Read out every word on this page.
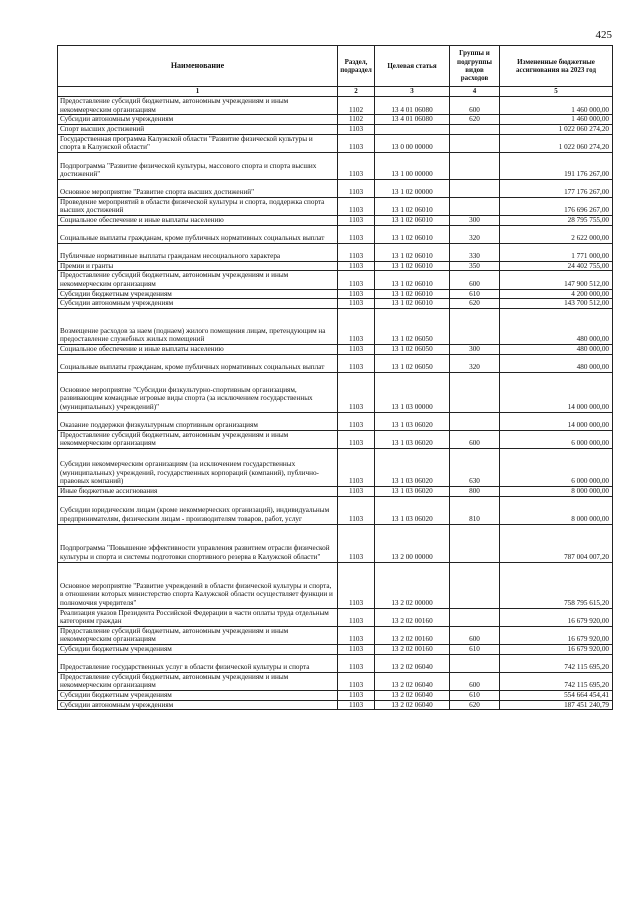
425
Наименование	Раздел, подраздел	Целевая статья	Группы и подгруппы видов расходов	Измененные бюджетные ассигнования на 2023 год
1	2	3	4	5
Предоставление субсидий бюджетным, автономным учреждениям и иным некоммерческим организациям	1102	13 4 01 06080	600	1 460 000,00
Субсидии автономным учреждениям	1102	13 4 01 06080	620	1 460 000,00
Спорт высших достижений	1103			1 022 060 274,20
Государственная программа Калужской области "Развитие физической культуры и спорта в Калужской области"	1103	13 0 00 00000		1 022 060 274,20
Подпрограмма "Развитие физической культуры, массового спорта и спорта высших достижений"	1103	13 1 00 00000		191 176 267,00
Основное мероприятие "Развитие спорта высших достижений"	1103	13 1 02 00000		177 176 267,00
Проведение мероприятий в области физической культуры и спорта, поддержка спорта высших достижений	1103	13 1 02 06010		176 696 267,00
Социальное обеспечение и иные выплаты населению	1103	13 1 02 06010	300	28 795 755,00
Социальные выплаты гражданам, кроме публичных нормативных социальных выплат	1103	13 1 02 06010	320	2 622 000,00
Публичные нормативные выплаты гражданам несоциального характера	1103	13 1 02 06010	330	1 771 000,00
Премии и гранты	1103	13 1 02 06010	350	24 402 755,00
Предоставление субсидий бюджетным, автономным учреждениям и иным некоммерческим организациям	1103	13 1 02 06010	600	147 900 512,00
Субсидии бюджетным учреждениям	1103	13 1 02 06010	610	4 200 000,00
Субсидии автономным учреждениям	1103	13 1 02 06010	620	143 700 512,00
Возмещение расходов за наем (поднаем) жилого помещения лицам, претендующим на предоставление служебных жилых помещений	1103	13 1 02 06050		480 000,00
Социальное обеспечение и иные выплаты населению	1103	13 1 02 06050	300	480 000,00
Социальные выплаты гражданам, кроме публичных нормативных социальных выплат	1103	13 1 02 06050	320	480 000,00
Основное мероприятие "Субсидии физкультурно-спортивным организациям, развивающим командные игровые виды спорта (за исключением государственных (муниципальных) учреждений)"	1103	13 1 03 00000		14 000 000,00
Оказание поддержки физкультурным спортивным организациям	1103	13 1 03 06020		14 000 000,00
Предоставление субсидий бюджетным, автономным учреждениям и иным некоммерческим организациям	1103	13 1 03 06020	600	6 000 000,00
Субсидии некоммерческим организациям (за исключением государственных (муниципальных) учреждений, государственных корпораций (компаний), публично-правовых компаний)	1103	13 1 03 06020	630	6 000 000,00
Иные бюджетные ассигнования	1103	13 1 03 06020	800	8 000 000,00
Субсидии юридическим лицам (кроме некоммерческих организаций), индивидуальным предпринимателям, физическим лицам - производителям товаров, работ, услуг	1103	13 1 03 06020	810	8 000 000,00
Подпрограмма "Повышение эффективности управления развитием отрасли физической культуры и спорта и системы подготовки спортивного резерва в Калужской области"	1103	13 2 00 00000		787 004 007,20
Основное мероприятие "Развитие учреждений в области физической культуры и спорта, в отношении которых министерство спорта Калужской области осуществляет функции и полномочия учредителя"	1103	13 2 02 00000		758 795 615,20
Реализация указов Президента Российской Федерации в части оплаты труда отдельным категориям граждан	1103	13 2 02 00160		16 679 920,00
Предоставление субсидий бюджетным, автономным учреждениям и иным некоммерческим организациям	1103	13 2 02 00160	600	16 679 920,00
Субсидии бюджетным учреждениям	1103	13 2 02 00160	610	16 679 920,00
Предоставление государственных услуг в области физической культуры и спорта	1103	13 2 02 06040		742 115 695,20
Предоставление субсидий бюджетным, автономным учреждениям и иным некоммерческим организациям	1103	13 2 02 06040	600	742 115 695,20
Субсидии бюджетным учреждениям	1103	13 2 02 06040	610	554 664 454,41
Субсидии автономным учреждениям	1103	13 2 02 06040	620	187 451 240,79
